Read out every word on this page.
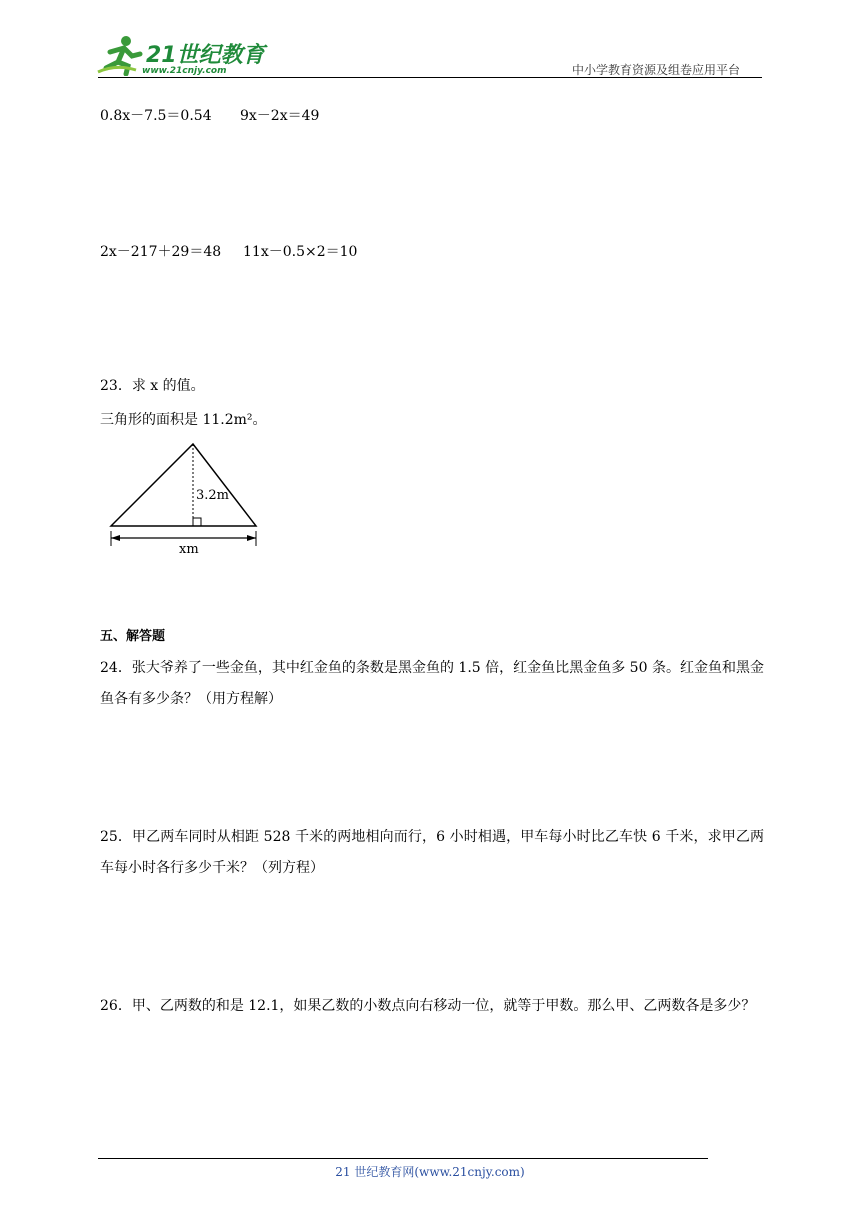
21世纪教育
www.21cnjy.com	中小学教育资源及组卷应用平台
0.8x－7.5＝0.54 9x－2x＝49
2x－217＋29＝48 11x－0.5×2＝10
23．求 x 的值。
三角形的面积是 11.2m²。
3.2m
xm
五、解答题
24．张大爷养了一些金鱼，其中红金鱼的条数是黑金鱼的 1.5 倍，红金鱼比黑金鱼多 50 条。红金鱼和黑金鱼各有多少条？（用方程解）
25．甲乙两车同时从相距 528 千米的两地相向而行，6 小时相遇，甲车每小时比乙车快 6 千米，求甲乙两车每小时各行多少千米？（列方程）
26．甲、乙两数的和是 12.1，如果乙数的小数点向右移动一位，就等于甲数。那么甲、乙两数各是多少？
21 世纪教育网(www.21cnjy.com)
